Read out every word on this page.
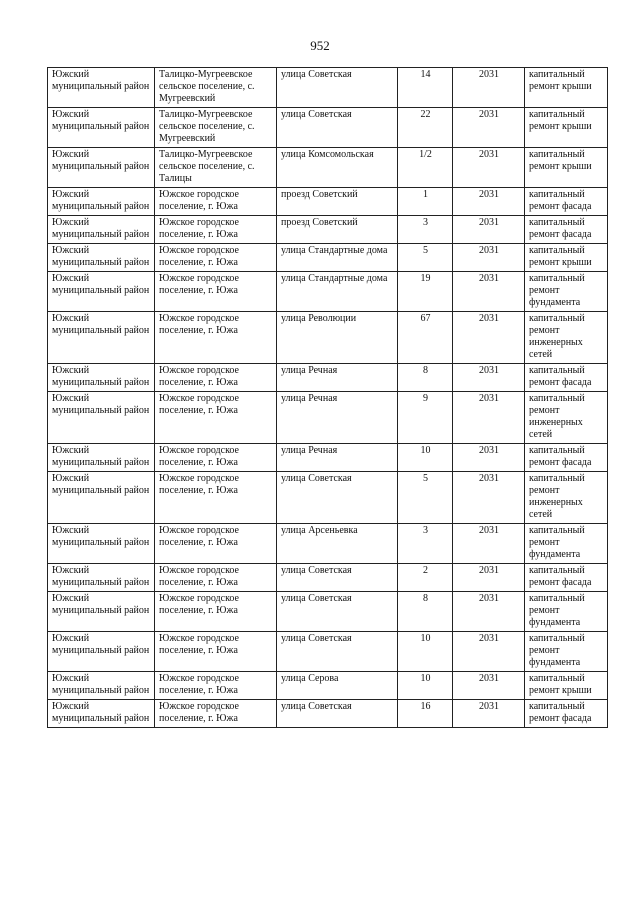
952
Южский муниципальный район	Талицко-Мугреевское сельское поселение, с. Мугреевский	улица Советская	14	2031	капитальный ремонт крыши
Южский муниципальный район	Талицко-Мугреевское сельское поселение, с. Мугреевский	улица Советская	22	2031	капитальный ремонт крыши
Южский муниципальный район	Талицко-Мугреевское сельское поселение, с. Талицы	улица Комсомольская	1/2	2031	капитальный ремонт крыши
Южский муниципальный район	Южское городское поселение, г. Южа	проезд Советский	1	2031	капитальный ремонт фасада
Южский муниципальный район	Южское городское поселение, г. Южа	проезд Советский	3	2031	капитальный ремонт фасада
Южский муниципальный район	Южское городское поселение, г. Южа	улица Стандартные дома	5	2031	капитальный ремонт крыши
Южский муниципальный район	Южское городское поселение, г. Южа	улица Стандартные дома	19	2031	капитальный ремонт фундамента
Южский муниципальный район	Южское городское поселение, г. Южа	улица Революции	67	2031	капитальный ремонт инженерных сетей
Южский муниципальный район	Южское городское поселение, г. Южа	улица Речная	8	2031	капитальный ремонт фасада
Южский муниципальный район	Южское городское поселение, г. Южа	улица Речная	9	2031	капитальный ремонт инженерных сетей
Южский муниципальный район	Южское городское поселение, г. Южа	улица Речная	10	2031	капитальный ремонт фасада
Южский муниципальный район	Южское городское поселение, г. Южа	улица Советская	5	2031	капитальный ремонт инженерных сетей
Южский муниципальный район	Южское городское поселение, г. Южа	улица Арсеньевка	3	2031	капитальный ремонт фундамента
Южский муниципальный район	Южское городское поселение, г. Южа	улица Советская	2	2031	капитальный ремонт фасада
Южский муниципальный район	Южское городское поселение, г. Южа	улица Советская	8	2031	капитальный ремонт фундамента
Южский муниципальный район	Южское городское поселение, г. Южа	улица Советская	10	2031	капитальный ремонт фундамента
Южский муниципальный район	Южское городское поселение, г. Южа	улица Серова	10	2031	капитальный ремонт крыши
Южский муниципальный район	Южское городское поселение, г. Южа	улица Советская	16	2031	капитальный ремонт фасада
